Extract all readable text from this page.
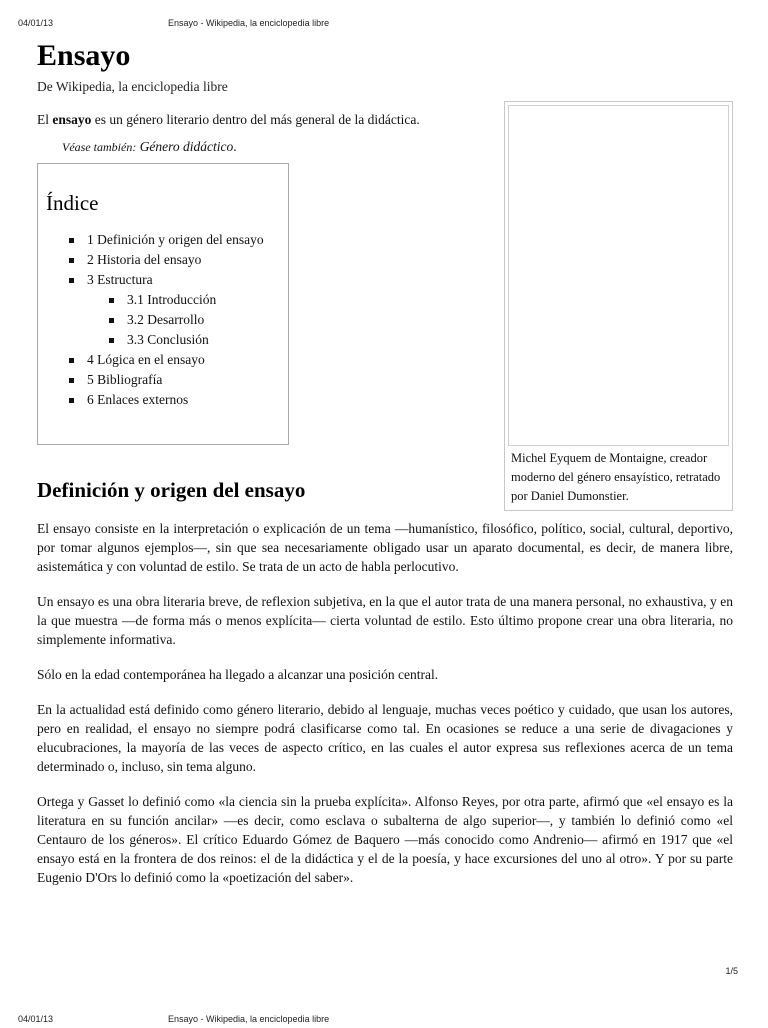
04/01/13	Ensayo - Wikipedia, la enciclopedia libre
Ensayo
De Wikipedia, la enciclopedia libre

El ensayo es un género literario dentro del más general de la didáctica.

Véase también: Género didáctico.
Michel Eyquem de Montaigne, creador moderno del género ensayístico, retratado por Daniel Dumonstier.
Índice
1 Definición y origen del ensayo
2 Historia del ensayo
3 Estructura
3.1 Introducción
3.2 Desarrollo
3.3 Conclusión
4 Lógica en el ensayo
5 Bibliografía
6 Enlaces externos
Definición y origen del ensayo

El ensayo consiste en la interpretación o explicación de un tema —humanístico, filosófico, político, social, cultural, deportivo, por tomar algunos ejemplos—, sin que sea necesariamente obligado usar un aparato documental, es decir, de manera libre, asistemática y con voluntad de estilo. Se trata de un acto de habla perlocutivo.

Un ensayo es una obra literaria breve, de reflexion subjetiva, en la que el autor trata de una manera personal, no exhaustiva, y en la que muestra —de forma más o menos explícita— cierta voluntad de estilo. Esto último propone crear una obra literaria, no simplemente informativa.

Sólo en la edad contemporánea ha llegado a alcanzar una posición central.

En la actualidad está definido como género literario, debido al lenguaje, muchas veces poético y cuidado, que usan los autores, pero en realidad, el ensayo no siempre podrá clasificarse como tal. En ocasiones se reduce a una serie de divagaciones y elucubraciones, la mayoría de las veces de aspecto crítico, en las cuales el autor expresa sus reflexiones acerca de un tema determinado o, incluso, sin tema alguno.

Ortega y Gasset lo definió como «la ciencia sin la prueba explícita». Alfonso Reyes, por otra parte, afirmó que «el ensayo es la literatura en su función ancilar» —es decir, como esclava o subalterna de algo superior—, y también lo definió como «el Centauro de los géneros». El crítico Eduardo Gómez de Baquero —más conocido como Andrenio— afirmó en 1917 que «el ensayo está en la frontera de dos reinos: el de la didáctica y el de la poesía, y hace excursiones del uno al otro». Y por su parte Eugenio D'Ors lo definió como la «poetización del saber».

1/5
04/01/13	Ensayo - Wikipedia, la enciclopedia libre
